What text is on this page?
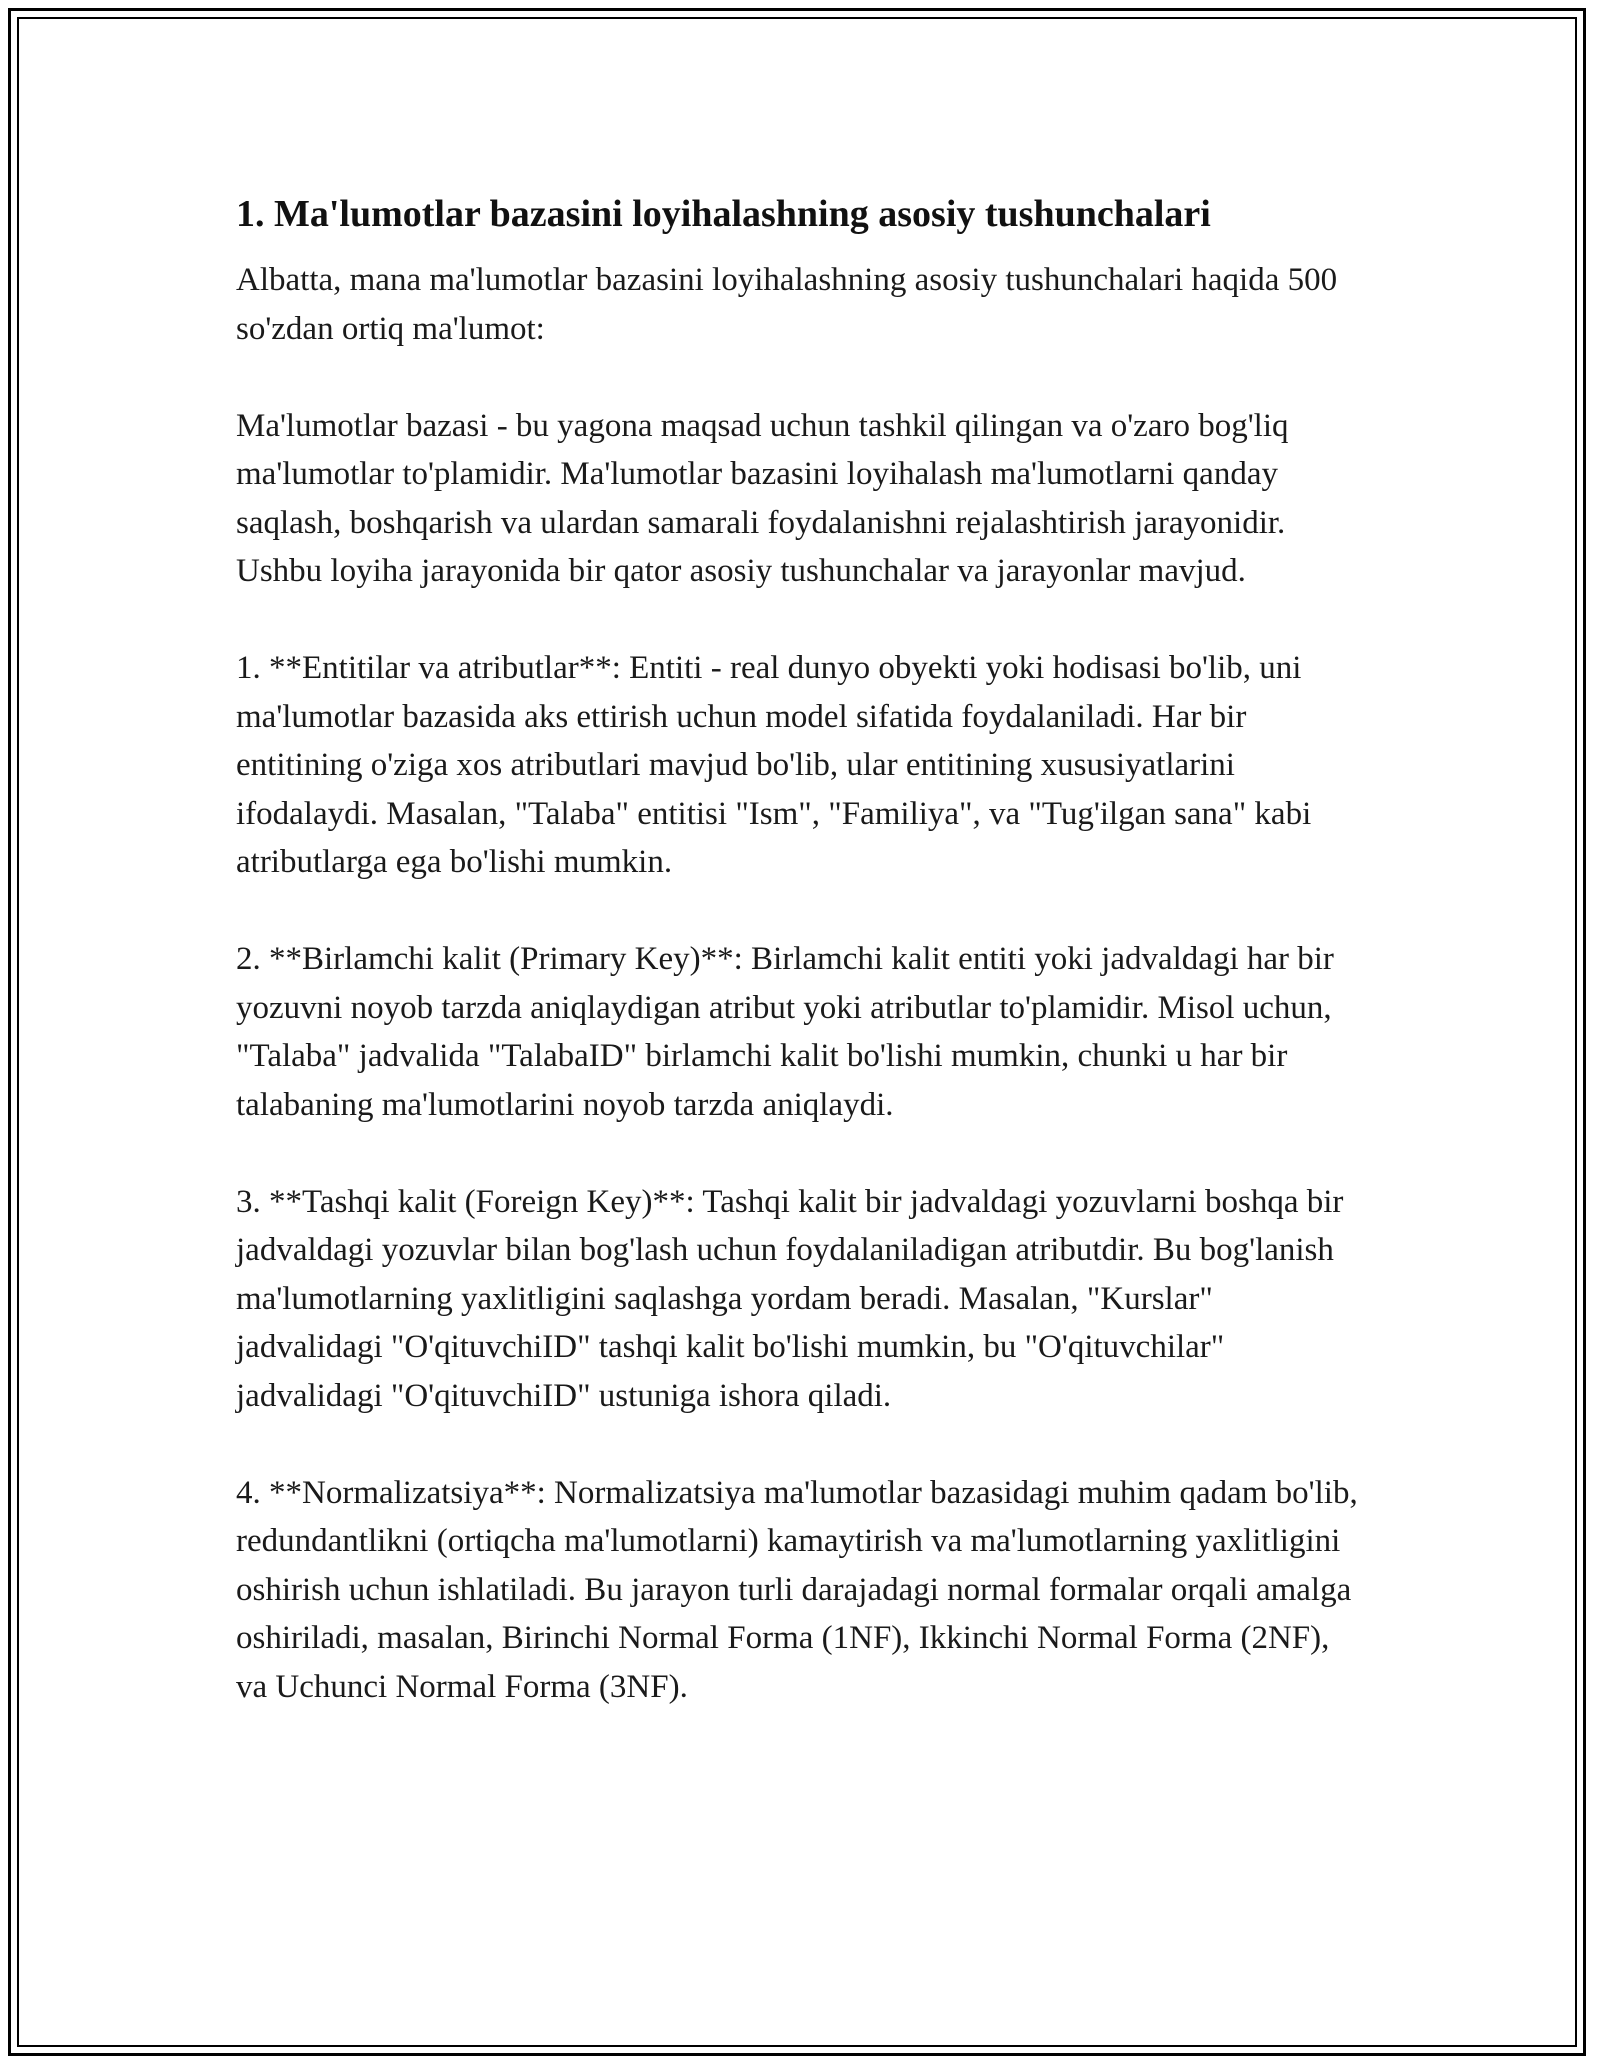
1. Ma'lumotlar bazasini loyihalashning asosiy tushunchalari

Albatta, mana ma'lumotlar bazasini loyihalashning asosiy tushunchalari haqida 500 so'zdan ortiq ma'lumot:

Ma'lumotlar bazasi - bu yagona maqsad uchun tashkil qilingan va o'zaro bog'liq ma'lumotlar to'plamidir. Ma'lumotlar bazasini loyihalash ma'lumotlarni qanday saqlash, boshqarish va ulardan samarali foydalanishni rejalashtirish jarayonidir. Ushbu loyiha jarayonida bir qator asosiy tushunchalar va jarayonlar mavjud.

1. **Entitilar va atributlar**: Entiti - real dunyo obyekti yoki hodisasi bo'lib, uni ma'lumotlar bazasida aks ettirish uchun model sifatida foydalaniladi. Har bir entitining o'ziga xos atributlari mavjud bo'lib, ular entitining xususiyatlarini ifodalaydi. Masalan, "Talaba" entitisi "Ism", "Familiya", va "Tug'ilgan sana" kabi atributlarga ega bo'lishi mumkin.

2. **Birlamchi kalit (Primary Key)**: Birlamchi kalit entiti yoki jadvaldagi har bir yozuvni noyob tarzda aniqlaydigan atribut yoki atributlar to'plamidir. Misol uchun, "Talaba" jadvalida "TalabaID" birlamchi kalit bo'lishi mumkin, chunki u har bir talabaning ma'lumotlarini noyob tarzda aniqlaydi.

3. **Tashqi kalit (Foreign Key)**: Tashqi kalit bir jadvaldagi yozuvlarni boshqa bir jadvaldagi yozuvlar bilan bog'lash uchun foydalaniladigan atributdir. Bu bog'lanish ma'lumotlarning yaxlitligini saqlashga yordam beradi. Masalan, "Kurslar" jadvalidagi "O'qituvchiID" tashqi kalit bo'lishi mumkin, bu "O'qituvchilar" jadvalidagi "O'qituvchiID" ustuniga ishora qiladi.

4. **Normalizatsiya**: Normalizatsiya ma'lumotlar bazasidagi muhim qadam bo'lib, redundantlikni (ortiqcha ma'lumotlarni) kamaytirish va ma'lumotlarning yaxlitligini oshirish uchun ishlatiladi. Bu jarayon turli darajadagi normal formalar orqali amalga oshiriladi, masalan, Birinchi Normal Forma (1NF), Ikkinchi Normal Forma (2NF), va Uchunci Normal Forma (3NF).
